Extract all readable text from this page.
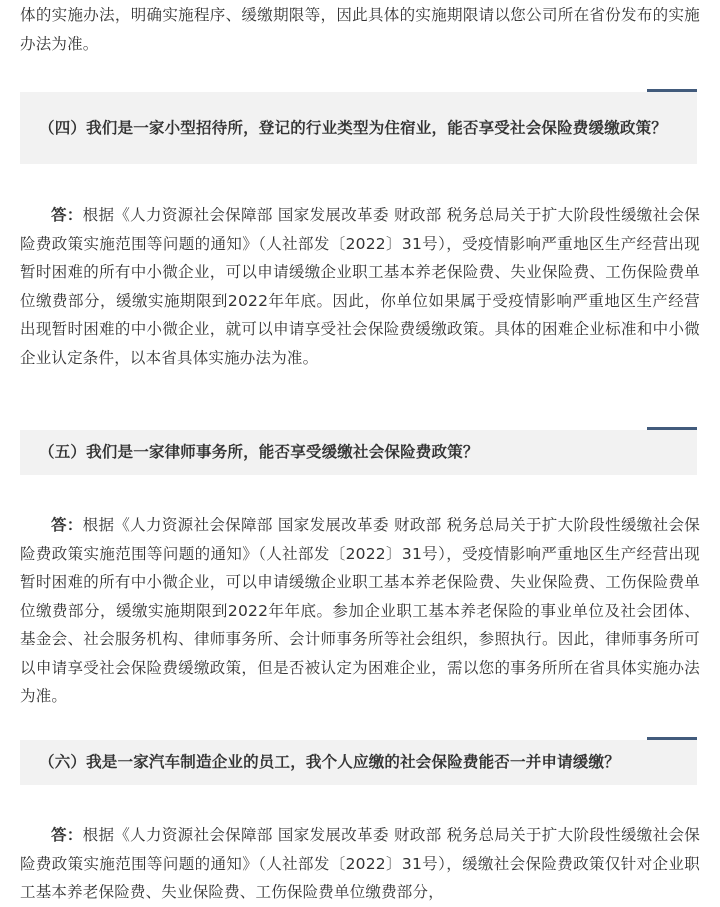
体的实施办法，明确实施程序、缓缴期限等，因此具体的实施期限请以您公司所在省份发布的实施办法为准。

（四）我们是一家小型招待所，登记的行业类型为住宿业，能否享受社会保险费缓缴政策？

答：根据《人力资源社会保障部 国家发展改革委 财政部 税务总局关于扩大阶段性缓缴社会保险费政策实施范围等问题的通知》（人社部发〔2022〕31号），受疫情影响严重地区生产经营出现暂时困难的所有中小微企业，可以申请缓缴企业职工基本养老保险费、失业保险费、工伤保险费单位缴费部分，缓缴实施期限到2022年年底。因此，你单位如果属于受疫情影响严重地区生产经营出现暂时困难的中小微企业，就可以申请享受社会保险费缓缴政策。具体的困难企业标准和中小微企业认定条件，以本省具体实施办法为准。

（五）我们是一家律师事务所，能否享受缓缴社会保险费政策？

答：根据《人力资源社会保障部 国家发展改革委 财政部 税务总局关于扩大阶段性缓缴社会保险费政策实施范围等问题的通知》（人社部发〔2022〕31号），受疫情影响严重地区生产经营出现暂时困难的所有中小微企业，可以申请缓缴企业职工基本养老保险费、失业保险费、工伤保险费单位缴费部分，缓缴实施期限到2022年年底。参加企业职工基本养老保险的事业单位及社会团体、基金会、社会服务机构、律师事务所、会计师事务所等社会组织，参照执行。因此，律师事务所可以申请享受社会保险费缓缴政策，但是否被认定为困难企业，需以您的事务所所在省具体实施办法为准。

（六）我是一家汽车制造企业的员工，我个人应缴的社会保险费能否一并申请缓缴？

答：根据《人力资源社会保障部 国家发展改革委 财政部 税务总局关于扩大阶段性缓缴社会保险费政策实施范围等问题的通知》（人社部发〔2022〕31号），缓缴社会保险费政策仅针对企业职工基本养老保险费、失业保险费、工伤保险费单位缴费部分，
